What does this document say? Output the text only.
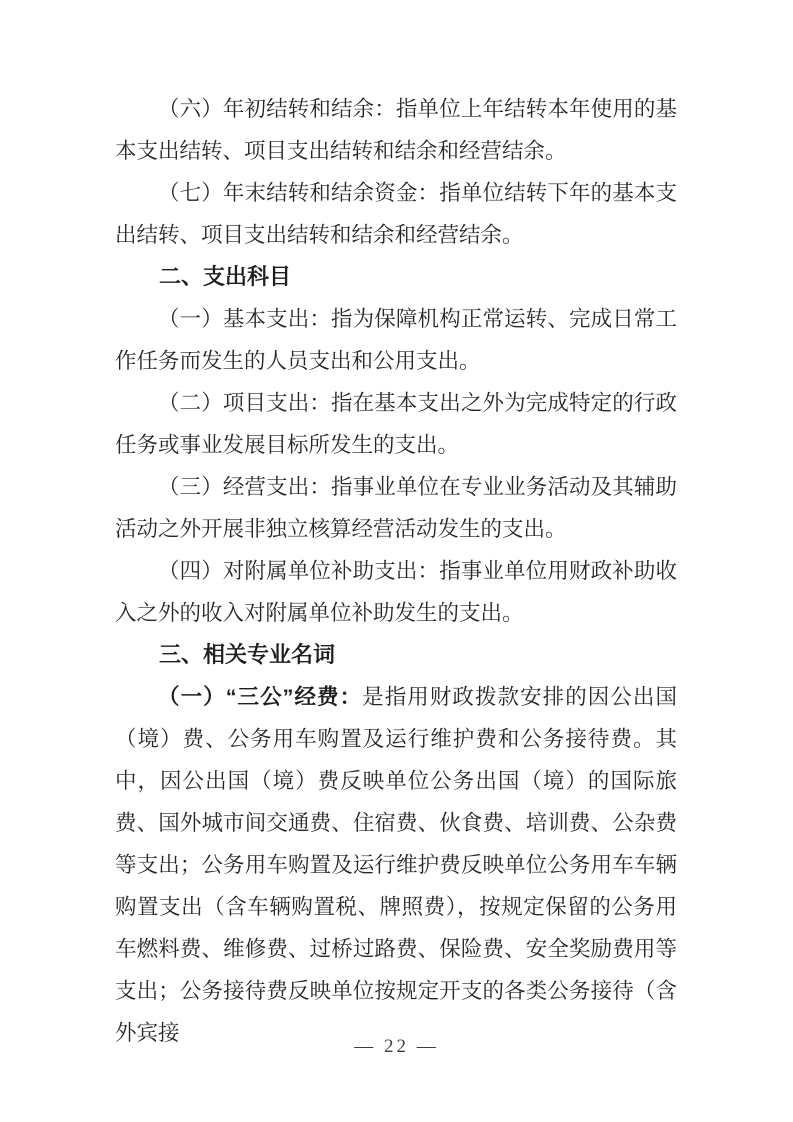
（六）年初结转和结余：指单位上年结转本年使用的基本支出结转、项目支出结转和结余和经营结余。
（七）年末结转和结余资金：指单位结转下年的基本支出结转、项目支出结转和结余和经营结余。
二、支出科目
（一）基本支出：指为保障机构正常运转、完成日常工作任务而发生的人员支出和公用支出。
（二）项目支出：指在基本支出之外为完成特定的行政任务或事业发展目标所发生的支出。
（三）经营支出：指事业单位在专业业务活动及其辅助活动之外开展非独立核算经营活动发生的支出。
（四）对附属单位补助支出：指事业单位用财政补助收入之外的收入对附属单位补助发生的支出。
三、相关专业名词
（一）“三公”经费：是指用财政拨款安排的因公出国（境）费、公务用车购置及运行维护费和公务接待费。其中，因公出国（境）费反映单位公务出国（境）的国际旅费、国外城市间交通费、住宿费、伙食费、培训费、公杂费等支出；公务用车购置及运行维护费反映单位公务用车车辆购置支出（含车辆购置税、牌照费），按规定保留的公务用车燃料费、维修费、过桥过路费、保险费、安全奖励费用等支出；公务接待费反映单位按规定开支的各类公务接待（含外宾接
— 22 —
